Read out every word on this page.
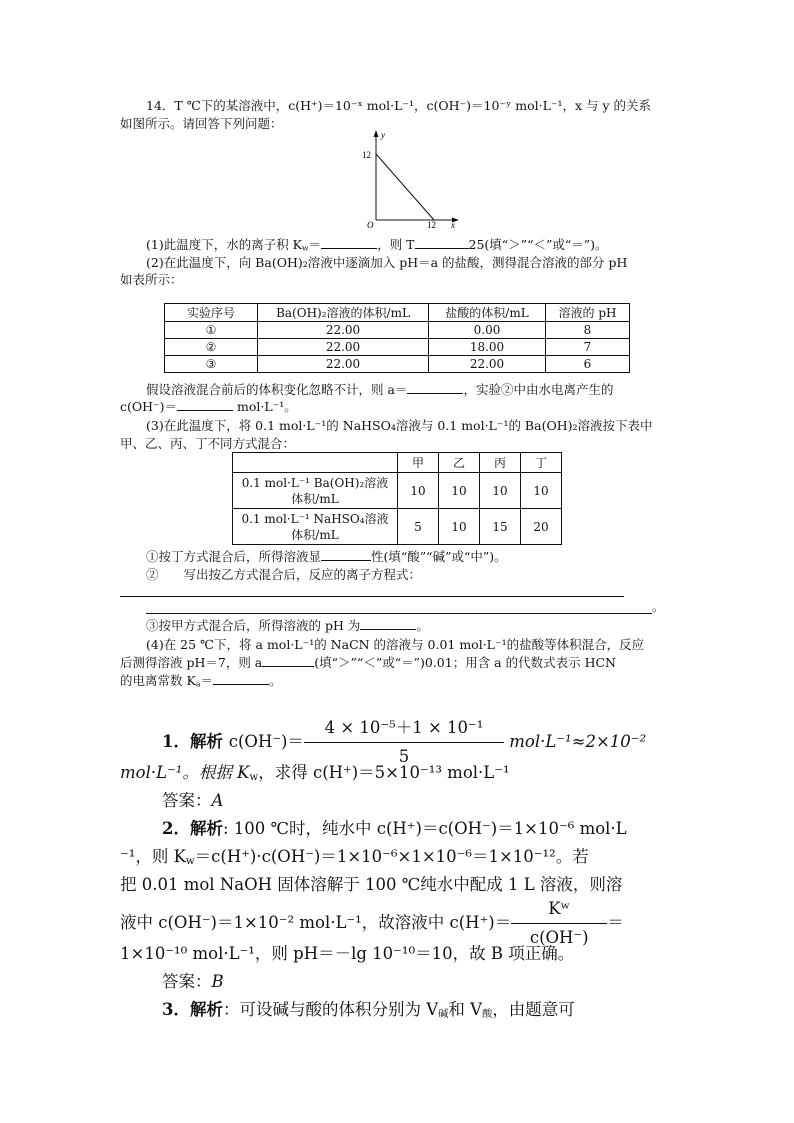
14．T ℃下的某溶液中，c(H⁺)＝10⁻ˣ mol·L⁻¹，c(OH⁻)＝10⁻ʸ mol·L⁻¹，x 与 y 的关系
如图所示。请回答下列问题：
y
12
O	12 x
(1)此温度下，水的离子积 $K_w=$	，则 T	25(填“＞”“＜”或“＝”)。
(2)在此温度下，向 Ba(OH)₂溶液中逐滴加入 pH＝a 的盐酸，测得混合溶液的部分 pH
如表所示：
实验序号	Ba(OH)₂溶液的体积/mL	盐酸的体积/mL	溶液的 pH
①	22.00	0.00	8
②	22.00	18.00	7
③	22.00	22.00	6
假设溶液混合前后的体积变化忽略不计，则 a＝	，实验②中由水电离产生的
c(OH⁻)＝	mol·L⁻¹。
(3)在此温度下，将 0.1 mol·L⁻¹的 NaHSO₄溶液与 0.1 mol·L⁻¹的 Ba(OH)₂溶液按下表中
甲、乙、丙、丁不同方式混合：
	甲	乙	丙	丁
0.1 mol·L⁻¹ Ba(OH)₂溶液体积/mL	10	10	10	10
0.1 mol·L⁻¹ NaHSO₄溶液体积/mL	5	10	15	20
①按丁方式混合后，所得溶液显	性(填“酸”“碱”或“中”)。
②　　写出按乙方式混合后，反应的离子方程式：
。
③按甲方式混合后，所得溶液的 pH 为	。
(4)在 25 ℃下，将 a mol·L⁻¹的 NaCN 的溶液与 0.01 mol·L⁻¹的盐酸等体积混合，反应
后测得溶液 pH＝7，则 a	(填“＞”“＜”或“＝”)0.01；用含 a 的代数式表示 HCN
的电离常数 $K_a=$	。
1．解析 $c(OH^-)= \frac{\text{4 × 10⁻⁵＋1 × 10⁻¹}}{5} mol\cdot L^{-1}\approx 2\times 10^{-2}$
mol·L⁻¹。根据 $K_w$，求得 c(H⁺)＝5×10⁻¹³ mol·L⁻¹
答案：A
2．解析: 100 ℃时，纯水中 c(H⁺)＝c(OH⁻)＝1×10⁻⁶ mol·L
⁻¹，则 $K_w=c(H^+)\cdot c(OH^-)=1\times 10^{-6}\times 1\times 10^{-6}=1\times 10^{-12}$。若
把 0.01 mol NaOH 固体溶解于 100 ℃纯水中配成 1 L 溶液，则溶
液中 c(OH⁻)＝1×10⁻² mol·L⁻¹，故溶液中 $c(H^+)= \frac{\text{Kʷ}}{c(OH^-)}$ ＝
1×10⁻¹⁰ mol·L⁻¹，则 pH＝－lg 10⁻¹⁰＝10，故 B 项正确。
答案：B
3．解析：可设碱与酸的体积分别为 $V_碱$和 $V_酸$，由题意可
